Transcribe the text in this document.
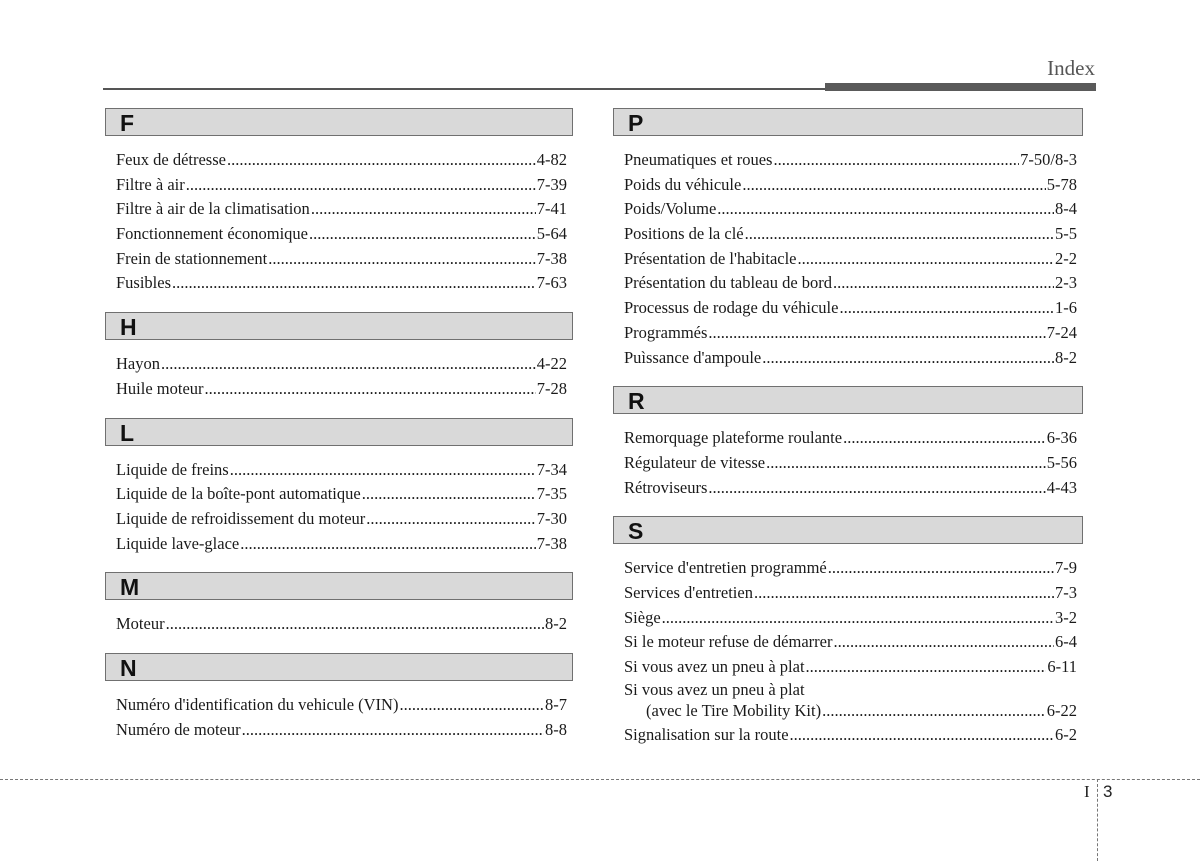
Index
F
Feux de détresse .....	4-82
Filtre à air .....	7-39
Filtre à air de la climatisation .....	7-41
Fonctionnement économique .....	5-64
Frein de stationnement .....	7-38
Fusibles .....	7-63
H
Hayon .....	4-22
Huile moteur .....	7-28
L
Liquide de freins .....	7-34
Liquide de la boîte-pont automatique .....	7-35
Liquide de refroidissement du moteur .....	7-30
Liquide lave-glace .....	7-38
M
Moteur .....	8-2
N
Numéro d'identification du vehicule (VIN) .....	8-7
Numéro de moteur .....	8-8
P
Pneumatiques et roues .....	7-50/8-3
Poids du véhicule .....	5-78
Poids/Volume .....	8-4
Positions de la clé .....	5-5
Présentation de l'habitacle .....	2-2
Présentation du tableau de bord .....	2-3
Processus de rodage du véhicule .....	1-6
Programmés .....	7-24
Puìssance d'ampoule .....	8-2
R
Remorquage plateforme roulante .....	6-36
Régulateur de vitesse .....	5-56
Rétroviseurs .....	4-43
S
Service d'entretien programmé .....	7-9
Services d'entretien .....	7-3
Siège .....	3-2
Si le moteur refuse de démarrer .....	6-4
Si vous avez un pneu à plat .....	6-11
Si vous avez un pneu à plat
(avec le Tire Mobility Kit) .....	6-22
Signalisation sur la route .....	6-2
I 3
